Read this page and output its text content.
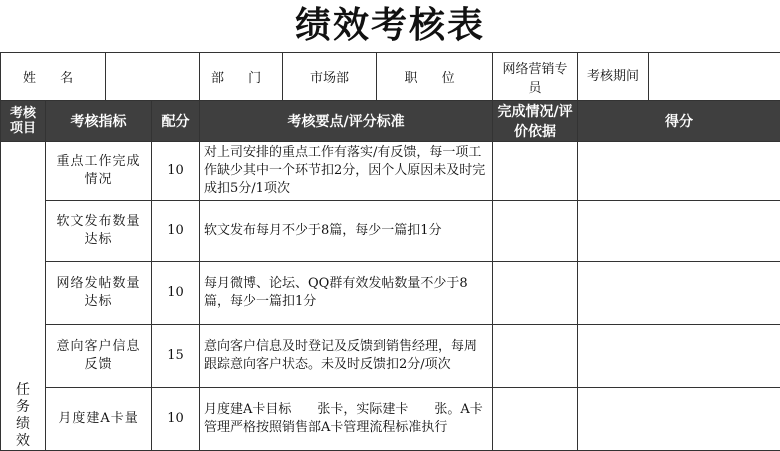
绩效考核表
姓 名				部 门	市场部	职 位	网络营销专员	考核期间

考核项目	考核指标		配分	考核要点/评分标准			完成情况/评价依据	得分

任务绩效	重点工作完成情况		10	对上司安排的重点工作有落实/有反馈，每一项工作缺少其中一个环节扣2分，因个人原因未及时完成扣5分/1项次				
	软文发布数量达标		10	软文发布每月不少于8篇，每少一篇扣1分				
	网络发帖数量达标		10	每月微博、论坛、QQ群有效发帖数量不少于8篇，每少一篇扣1分				
	意向客户信息反馈		15	意向客户信息及时登记及反馈到销售经理，每周跟踪意向客户状态。未及时反馈扣2分/项次				
	月度建A卡量		10	月度建A卡目标　　张卡，实际建卡　　张。A卡管理严格按照销售部A卡管理流程标准执行				
